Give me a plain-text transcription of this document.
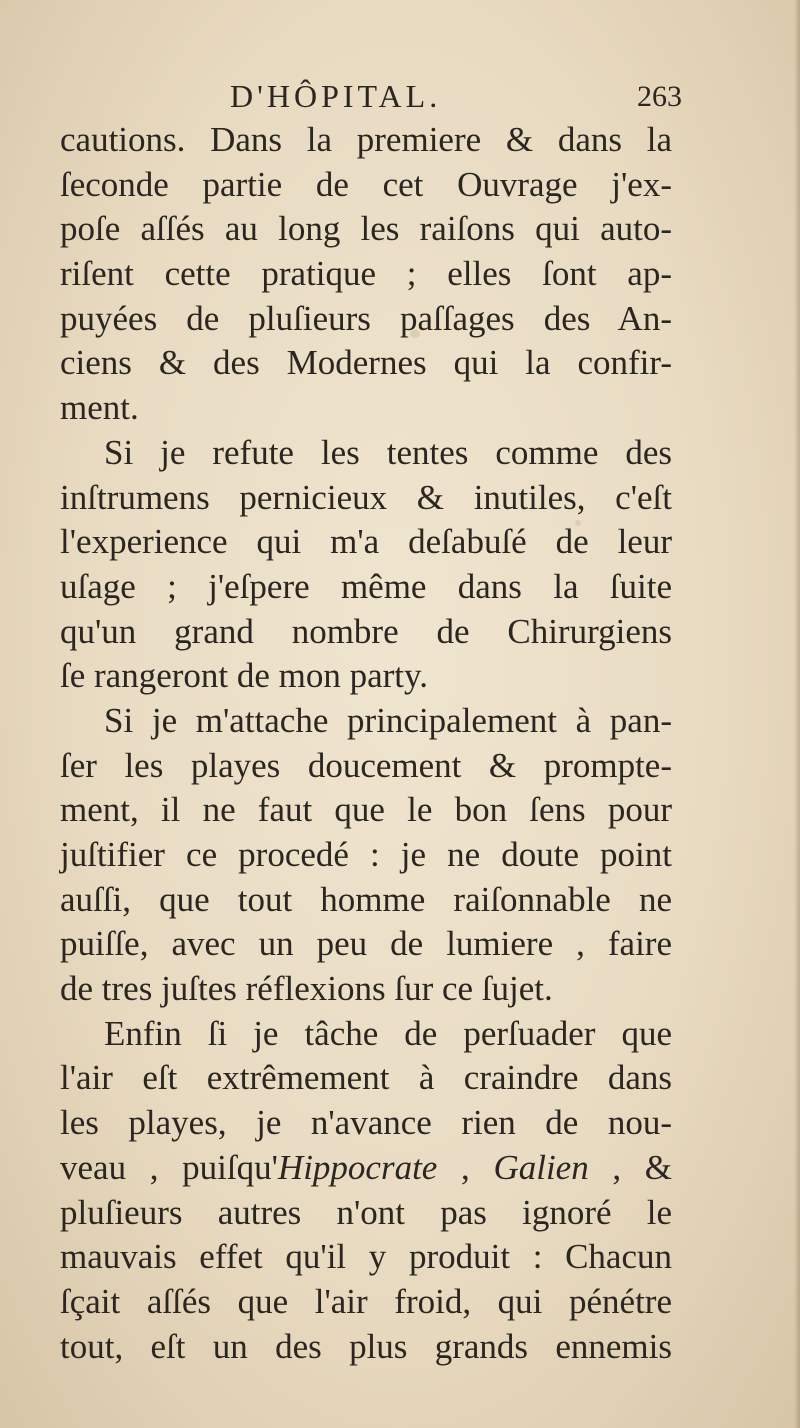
D'HÔPITAL.	263
cautions. Dans la premiere & dans la
ſeconde partie de cet Ouvrage j'ex-
poſe aſſés au long les raiſons qui auto-
riſent cette pratique ; elles ſont ap-
puyées de pluſieurs paſſages des An-
ciens & des Modernes qui la confir-
ment.
Si je refute les tentes comme des
inſtrumens pernicieux & inutiles, c'eſt
l'experience qui m'a deſabuſé de leur
uſage ; j'eſpere même dans la ſuite
qu'un grand nombre de Chirurgiens
ſe rangeront de mon party.
Si je m'attache principalement à pan-
ſer les playes doucement & prompte-
ment, il ne faut que le bon ſens pour
juſtifier ce procedé : je ne doute point
auſſi, que tout homme raiſonnable ne
puiſſe, avec un peu de lumiere , faire
de tres juſtes réflexions ſur ce ſujet.
Enfin ſi je tâche de perſuader que
l'air eſt extrêmement à craindre dans
les playes, je n'avance rien de nou-
veau , puiſqu'Hippocrate , Galien , &
pluſieurs autres n'ont pas ignoré le
mauvais effet qu'il y produit : Chacun
ſçait aſſés que l'air froid, qui pénétre
tout, eſt un des plus grands ennemis
